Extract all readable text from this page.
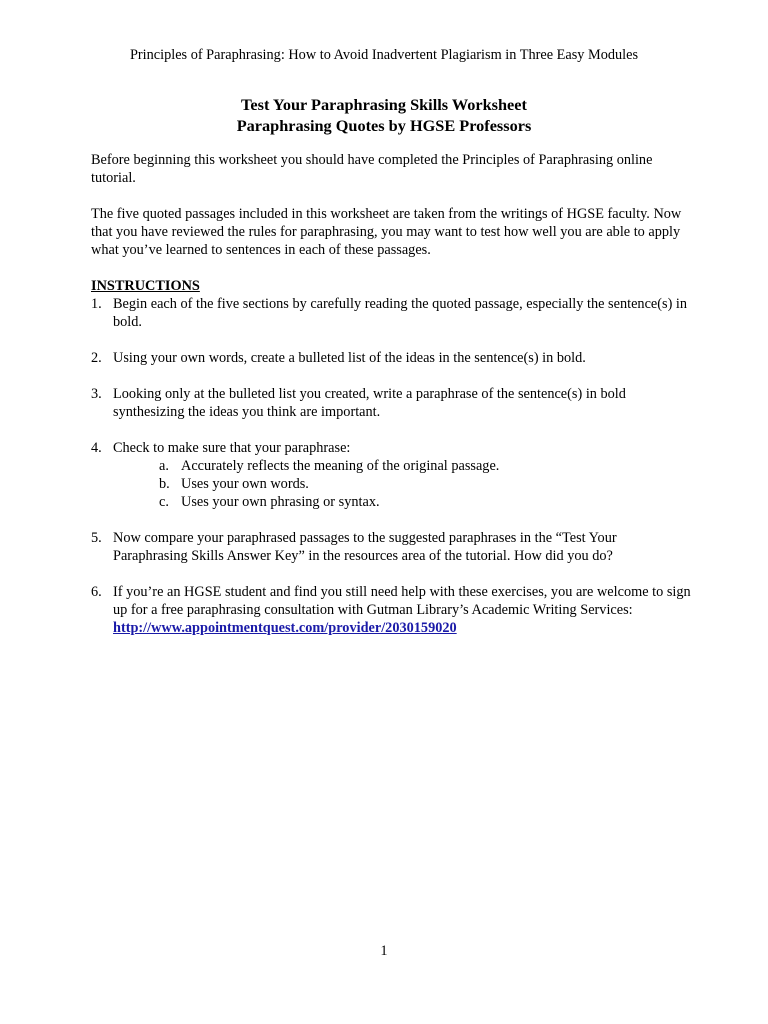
Principles of Paraphrasing: How to Avoid Inadvertent Plagiarism in Three Easy Modules
Test Your Paraphrasing Skills Worksheet
Paraphrasing Quotes by HGSE Professors

Before beginning this worksheet you should have completed the Principles of Paraphrasing online tutorial.

The five quoted passages included in this worksheet are taken from the writings of HGSE faculty. Now that you have reviewed the rules for paraphrasing, you may want to test how well you are able to apply what you’ve learned to sentences in each of these passages.

INSTRUCTIONS

1. Begin each of the five sections by carefully reading the quoted passage, especially the sentence(s) in bold.
2. Using your own words, create a bulleted list of the ideas in the sentence(s) in bold.
3. Looking only at the bulleted list you created, write a paraphrase of the sentence(s) in bold synthesizing the ideas you think are important.
4. Check to make sure that your paraphrase:
a. Accurately reflects the meaning of the original passage.
b. Uses your own words.
c. Uses your own phrasing or syntax.
5. Now compare your paraphrased passages to the suggested paraphrases in the “Test Your Paraphrasing Skills Answer Key” in the resources area of the tutorial. How did you do?
6. If you’re an HGSE student and find you still need help with these exercises, you are welcome to sign up for a free paraphrasing consultation with Gutman Library’s Academic Writing Services: http://www.appointmentquest.com/provider/2030159020
1
